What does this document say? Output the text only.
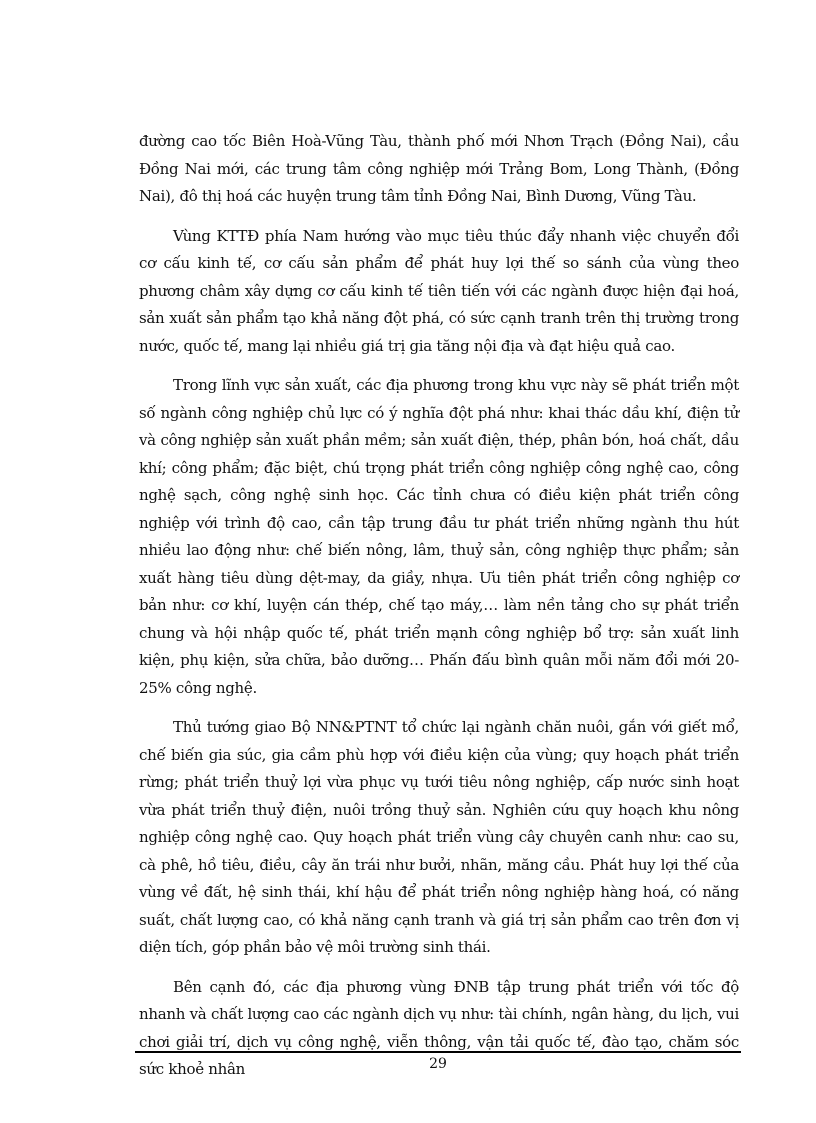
đường cao tốc Biên Hoà-Vũng Tàu, thành phố mới Nhơn Trạch (Đồng Nai), cầu Đồng Nai mới, các trung tâm công nghiệp mới Trảng Bom, Long Thành, (Đồng Nai), đô thị hoá các huyện trung tâm tỉnh Đồng Nai, Bình Dương, Vũng Tàu.

Vùng KTTĐ phía Nam hướng vào mục tiêu thúc đẩy nhanh việc chuyển đổi cơ cấu kinh tế, cơ cấu sản phẩm để phát huy lợi thế so sánh của vùng theo phương châm xây dựng cơ cấu kinh tế tiên tiến với các ngành được hiện đại hoá, sản xuất sản phẩm tạo khả năng đột phá, có sức cạnh tranh trên thị trường trong nước, quốc tế, mang lại nhiều giá trị gia tăng nội địa và đạt hiệu quả cao.

Trong lĩnh vực sản xuất, các địa phương trong khu vực này sẽ phát triển một số ngành công nghiệp chủ lực có ý nghĩa đột phá như: khai thác dầu khí, điện tử và công nghiệp sản xuất phần mềm; sản xuất điện, thép, phân bón, hoá chất, dầu khí; công phẩm; đặc biệt, chú trọng phát triển công nghiệp công nghệ cao, công nghệ sạch, công nghệ sinh học. Các tỉnh chưa có điều kiện phát triển công nghiệp với trình độ cao, cần tập trung đầu tư phát triển những ngành thu hút nhiều lao động như: chế biến nông, lâm, thuỷ sản, công nghiệp thực phẩm; sản xuất hàng tiêu dùng dệt-may, da giầy, nhựa. Ưu tiên phát triển công nghiệp cơ bản như: cơ khí, luyện cán thép, chế tạo máy,… làm nền tảng cho sự phát triển chung và hội nhập quốc tế, phát triển mạnh công nghiệp bổ trợ: sản xuất linh kiện, phụ kiện, sửa chữa, bảo dưỡng… Phấn đấu bình quân mỗi năm đổi mới 20-25% công nghệ.

Thủ tướng giao Bộ NN&PTNT tổ chức lại ngành chăn nuôi, gắn với giết mổ, chế biến gia súc, gia cầm phù hợp với điều kiện của vùng; quy hoạch phát triển rừng; phát triển thuỷ lợi vừa phục vụ tưới tiêu nông nghiệp, cấp nước sinh hoạt vừa phát triển thuỷ điện, nuôi trồng thuỷ sản. Nghiên cứu quy hoạch khu nông nghiệp công nghệ cao. Quy hoạch phát triển vùng cây chuyên canh như: cao su, cà phê, hồ tiêu, điều, cây ăn trái như bưởi, nhãn, măng cầu. Phát huy lợi thế của vùng về đất, hệ sinh thái, khí hậu để phát triển nông nghiệp hàng hoá, có năng suất, chất lượng cao, có khả năng cạnh tranh và giá trị sản phẩm cao trên đơn vị diện tích, góp phần bảo vệ môi trường sinh thái.

Bên cạnh đó, các địa phương vùng ĐNB tập trung phát triển với tốc độ nhanh và chất lượng cao các ngành dịch vụ như: tài chính, ngân hàng, du lịch, vui chơi giải trí, dịch vụ công nghệ, viễn thông, vận tải quốc tế, đào tạo, chăm sóc sức khoẻ nhân	29
